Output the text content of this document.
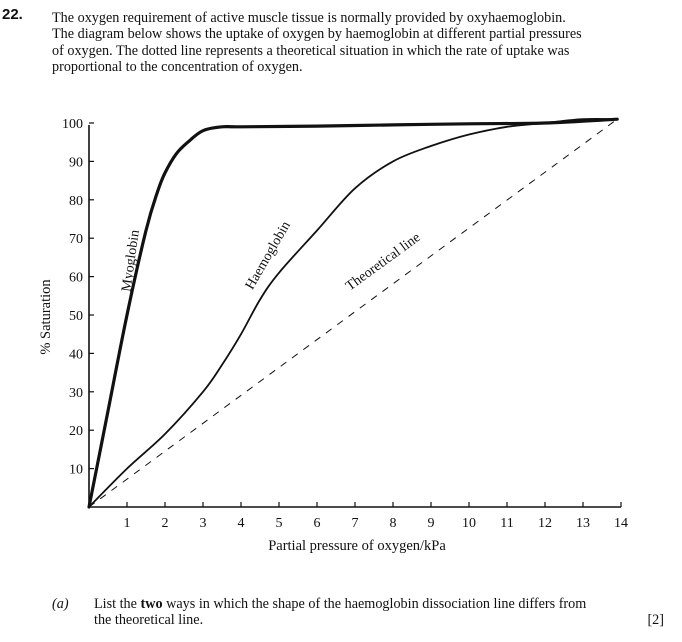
22. The oxygen requirement of active muscle tissue is normally provided by oxyhaemoglobin.
The diagram below shows the uptake of oxygen by haemoglobin at different partial pressures
of oxygen. The dotted line represents a theoretical situation in which the rate of uptake was
proportional to the concentration of oxygen.
1 2 3 4 5 6 7 8 9 10 11 12 13 14
10
20
30
40
50
60
70
80
90
100
Partial pressure of oxygen/kPa
% Saturation
Myoglobin	Haemoglobin	Theoretical line
(a) List the two ways in which the shape of the haemoglobin dissociation line differs from
the theoretical line.	[2]
